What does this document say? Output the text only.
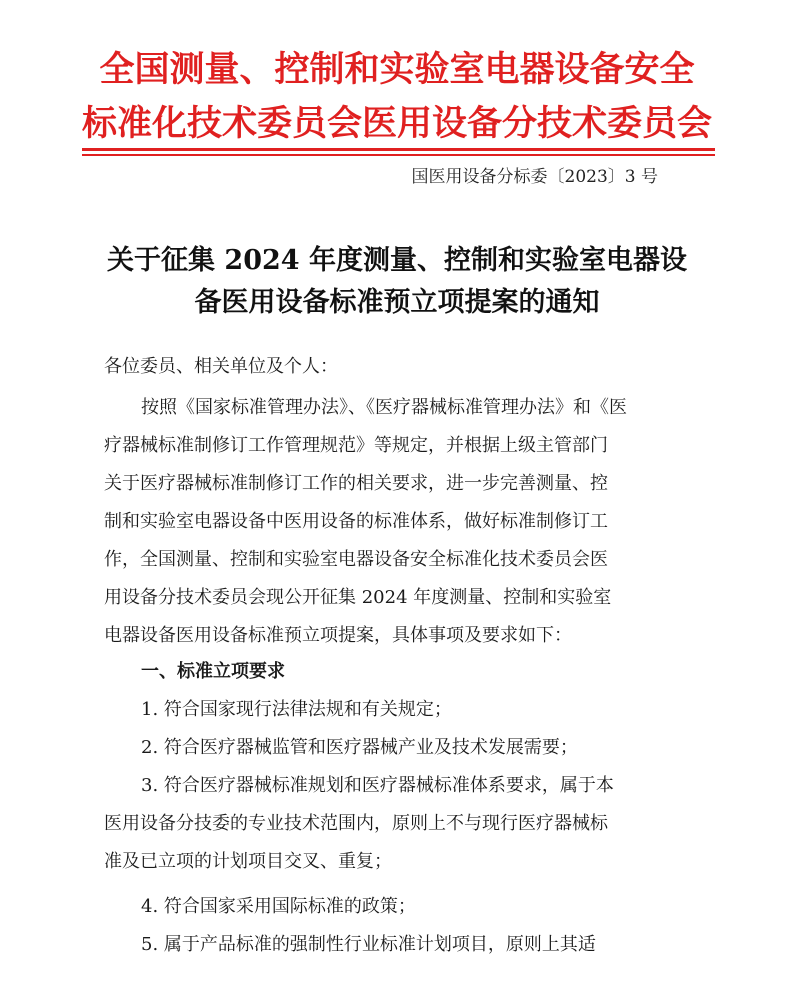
全国测量、控制和实验室电器设备安全
标准化技术委员会医用设备分技术委员会
国医用设备分标委〔2023〕3 号
关于征集 2024 年度测量、控制和实验室电器设
备医用设备标准预立项提案的通知
各位委员、相关单位及个人：
按照《国家标准管理办法》、《医疗器械标准管理办法》和《医
疗器械标准制修订工作管理规范》等规定，并根据上级主管部门
关于医疗器械标准制修订工作的相关要求，进一步完善测量、控
制和实验室电器设备中医用设备的标准体系，做好标准制修订工
作，全国测量、控制和实验室电器设备安全标准化技术委员会医
用设备分技术委员会现公开征集 2024 年度测量、控制和实验室
电器设备医用设备标准预立项提案，具体事项及要求如下：
一、标准立项要求
1. 符合国家现行法律法规和有关规定；
2. 符合医疗器械监管和医疗器械产业及技术发展需要；
3. 符合医疗器械标准规划和医疗器械标准体系要求，属于本
医用设备分技委的专业技术范围内，原则上不与现行医疗器械标
准及已立项的计划项目交叉、重复；
4. 符合国家采用国际标准的政策；
5. 属于产品标准的强制性行业标准计划项目，原则上其适
